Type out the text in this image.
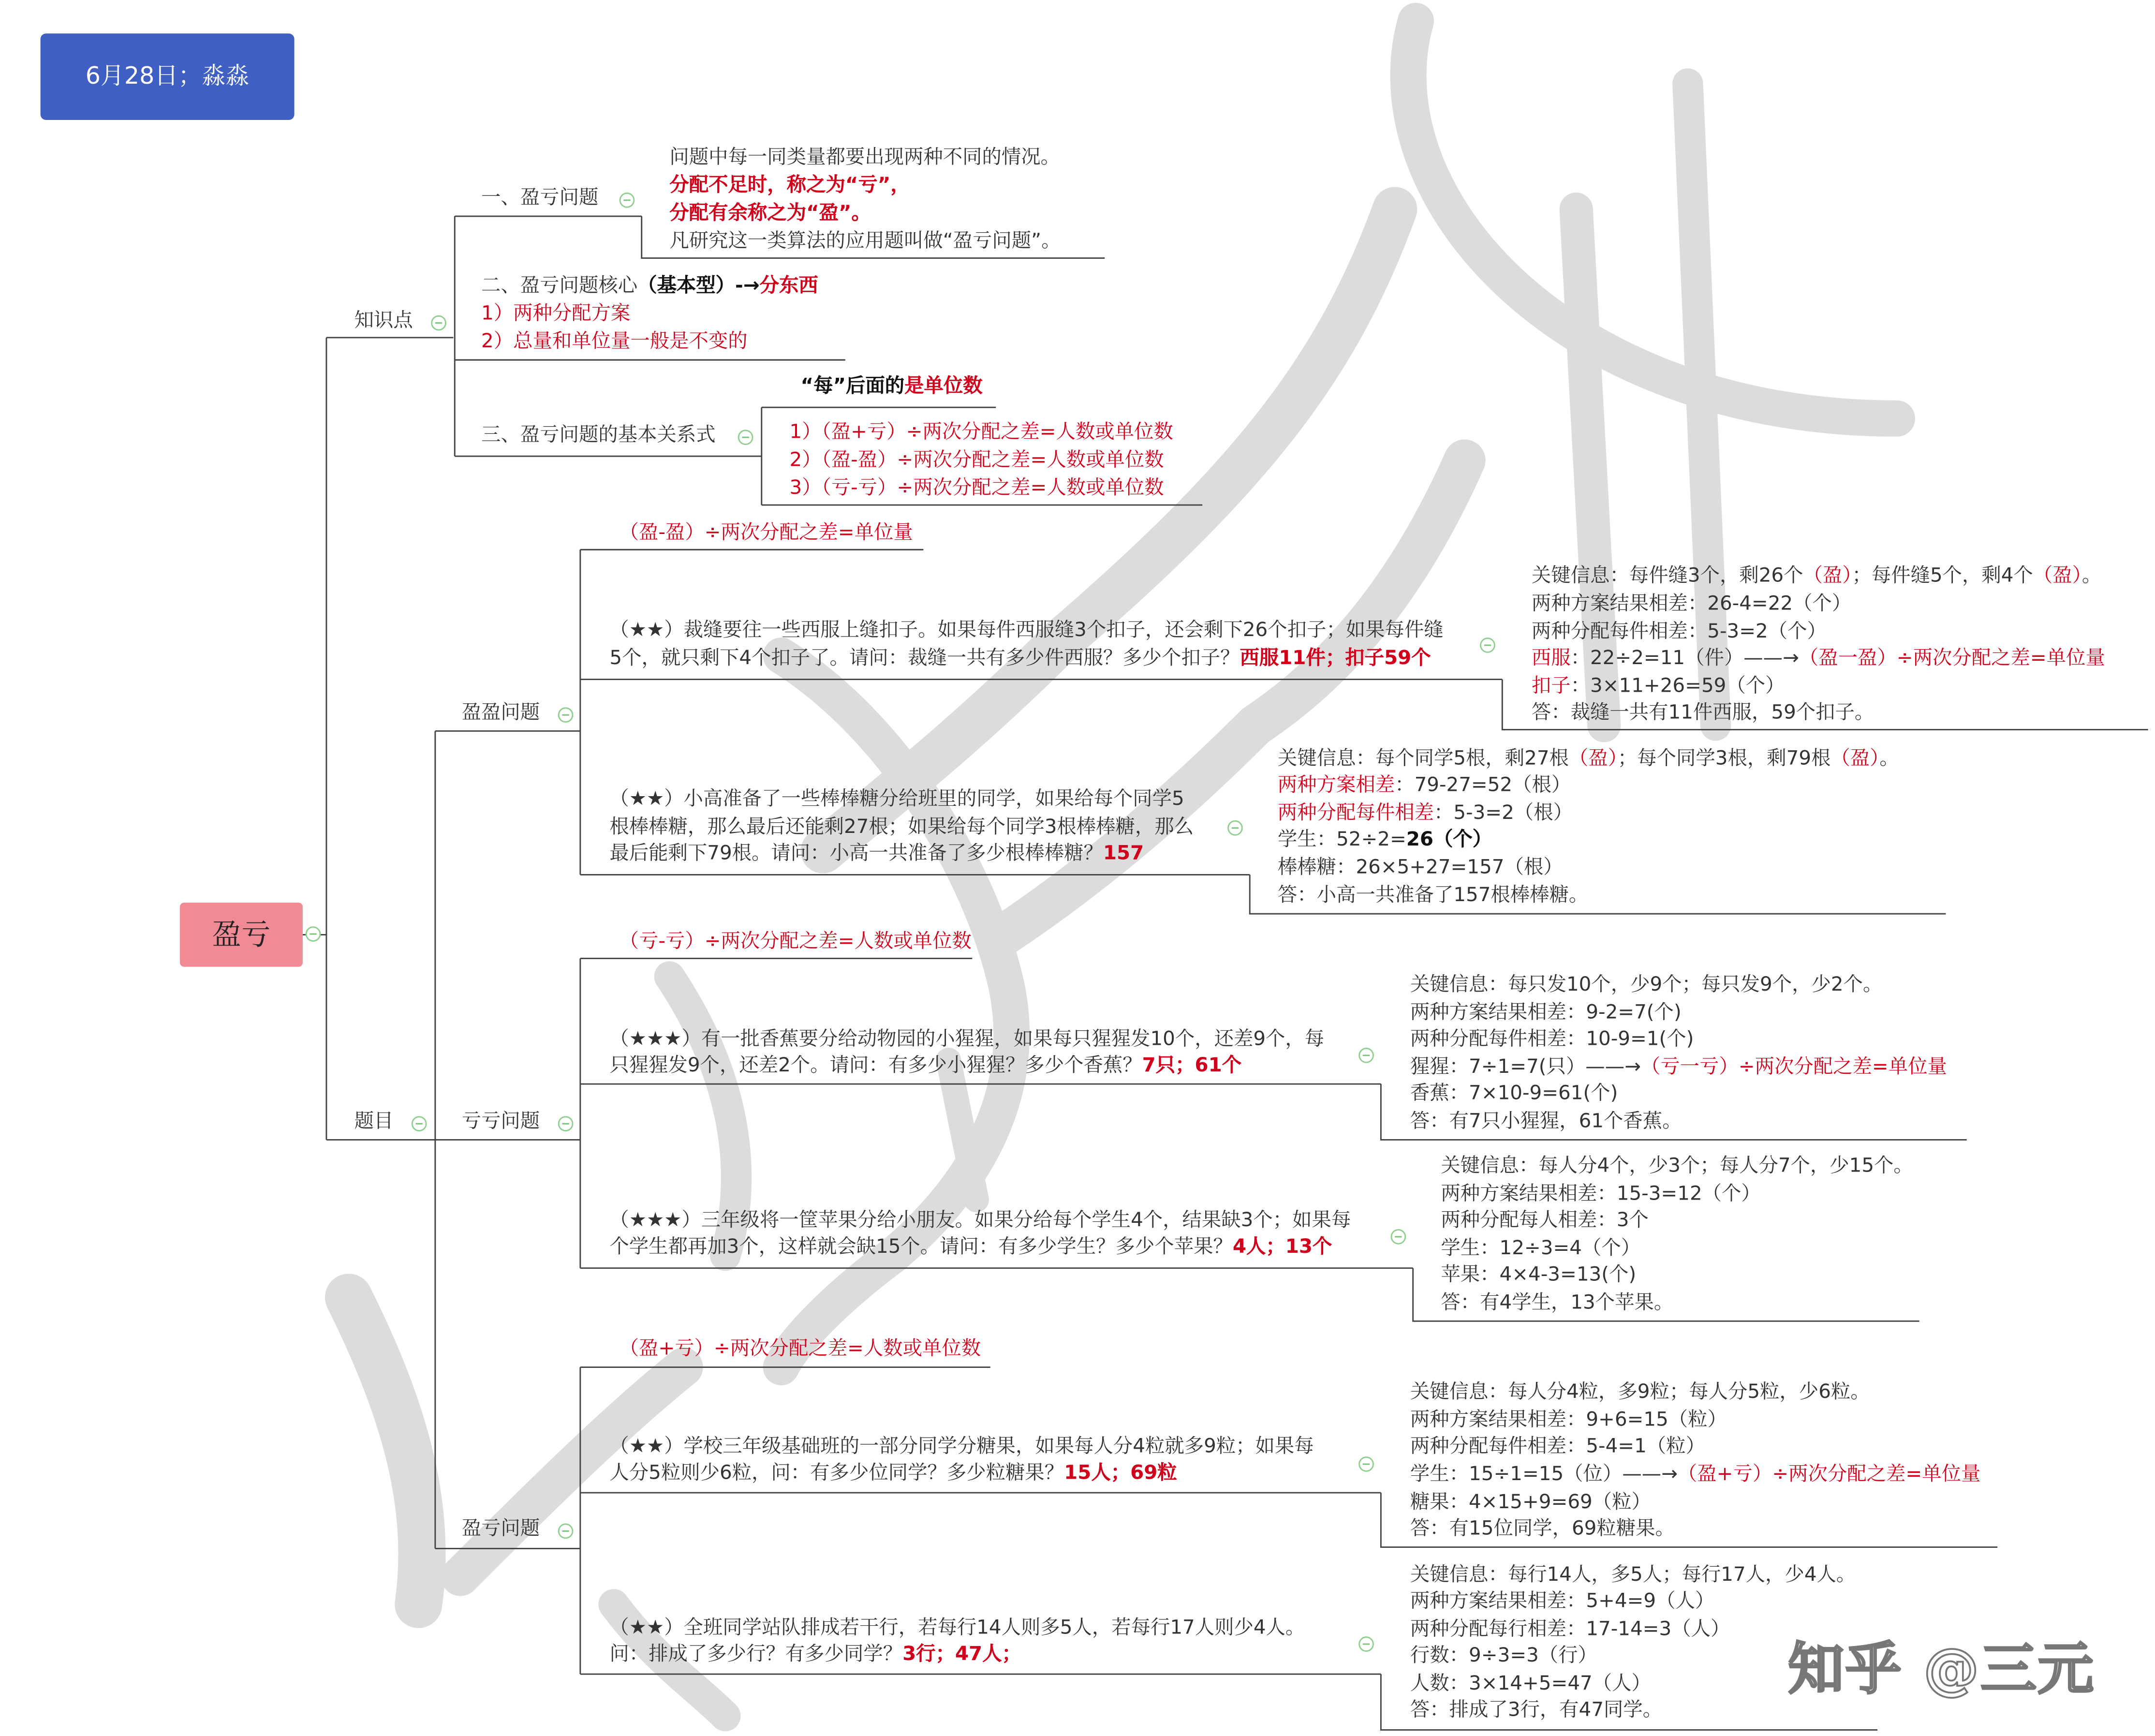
6月28日；淼淼
盈亏
知识点
一、盈亏问题
问题中每一同类量都要出现两种不同的情况。
分配不足时，称之为“亏”，
分配有余称之为“盈”。
凡研究这一类算法的应用题叫做“盈亏问题”。
二、盈亏问题核心（基本型）-→分东西
1）两种分配方案
2）总量和单位量一般是不变的
三、盈亏问题的基本关系式
“每”后面的是单位数
1）（盈+亏）÷两次分配之差=人数或单位数
2）（盈-盈）÷两次分配之差=人数或单位数
3）（亏-亏）÷两次分配之差=人数或单位数
题目
盈盈问题
（盈-盈）÷两次分配之差=单位量
（★★）裁缝要往一些西服上缝扣子。如果每件西服缝3个扣子，还会剩下26个扣子；如果每件缝
5个，就只剩下4个扣子了。请问：裁缝一共有多少件西服？多少个扣子？西服11件；扣子59个
关键信息：每件缝3个，剩26个（盈）；每件缝5个，剩4个（盈）。
两种方案结果相差：26-4=22（个）
两种分配每件相差：5-3=2（个）
西服：22÷2=11（件）——→（盈一盈）÷两次分配之差=单位量
扣子：3×11+26=59（个）
答：裁缝一共有11件西服，59个扣子。
（★★）小高准备了一些棒棒糖分给班里的同学，如果给每个同学5
根棒棒糖，那么最后还能剩27根；如果给每个同学3根棒棒糖，那么
最后能剩下79根。请问：小高一共准备了多少根棒棒糖？157
关键信息：每个同学5根，剩27根（盈）；每个同学3根，剩79根（盈）。
两种方案相差：79-27=52（根）
两种分配每件相差：5-3=2（根）
学生：52÷2=26（个）
棒棒糖：26×5+27=157（根）
答：小高一共准备了157根棒棒糖。
亏亏问题
（亏-亏）÷两次分配之差=人数或单位数
（★★★）有一批香蕉要分给动物园的小猩猩，如果每只猩猩发10个，还差9个，每
只猩猩发9个，还差2个。请问：有多少小猩猩？多少个香蕉？7只；61个
关键信息：每只发10个，少9个；每只发9个，少2个。
两种方案结果相差：9-2=7(个)
两种分配每件相差：10-9=1(个)
猩猩：7÷1=7(只）——→（亏一亏）÷两次分配之差=单位量
香蕉：7×10-9=61(个)
答：有7只小猩猩，61个香蕉。
（★★★）三年级将一筐苹果分给小朋友。如果分给每个学生4个，结果缺3个；如果每
个学生都再加3个，这样就会缺15个。请问：有多少学生？多少个苹果？4人；13个
关键信息：每人分4个，少3个；每人分7个，少15个。
两种方案结果相差：15-3=12（个）
两种分配每人相差：3个
学生：12÷3=4（个）
苹果：4×4-3=13(个)
答：有4学生，13个苹果。
盈亏问题
（盈+亏）÷两次分配之差=人数或单位数
（★★）学校三年级基础班的一部分同学分糖果，如果每人分4粒就多9粒；如果每
人分5粒则少6粒，问：有多少位同学？多少粒糖果？15人；69粒
关键信息：每人分4粒，多9粒；每人分5粒，少6粒。
两种方案结果相差：9+6=15（粒）
两种分配每件相差：5-4=1（粒）
学生：15÷1=15（位）——→（盈+亏）÷两次分配之差=单位量
糖果：4×15+9=69（粒）
答：有15位同学，69粒糖果。
（★★）全班同学站队排成若干行，若每行14人则多5人，若每行17人则少4人。
问：排成了多少行？有多少同学？3行；47人；
关键信息：每行14人，多5人；每行17人，少4人。
两种方案结果相差：5+4=9（人）
两种分配每行相差：17-14=3（人）
行数：9÷3=3（行）
人数：3×14+5=47（人）
答：排成了3行，有47同学。
知乎 @三元
